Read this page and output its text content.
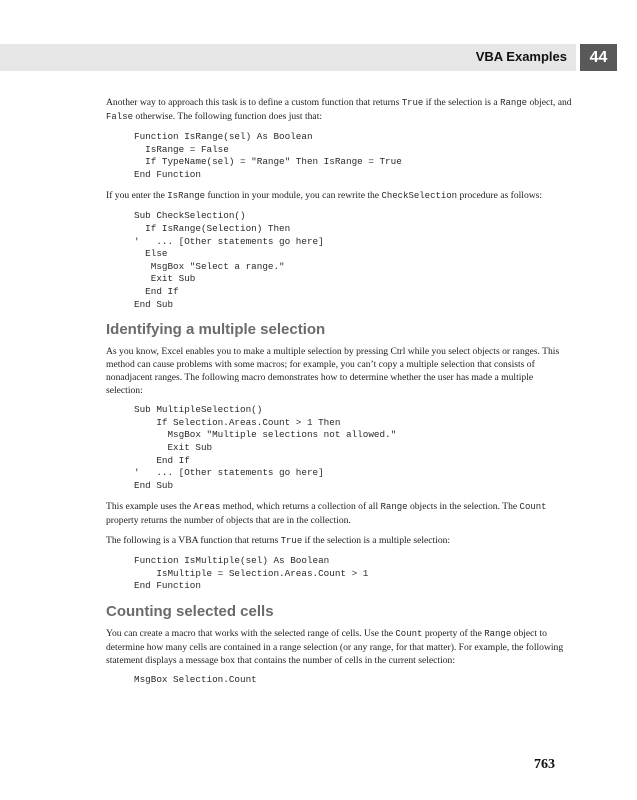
VBA Examples	44

Another way to approach this task is to define a custom function that returns True if the selection is a Range object, and False otherwise. The following function does just that:

Function IsRange(sel) As Boolean
IsRange = False
If TypeName(sel) = "Range" Then IsRange = True
End Function

If you enter the IsRange function in your module, you can rewrite the CheckSelection procedure as follows:

Sub CheckSelection()
If IsRange(Selection) Then
'   ... [Other statements go here]
Else
MsgBox "Select a range."
Exit Sub
End If
End Sub
Identifying a multiple selection

As you know, Excel enables you to make a multiple selection by pressing Ctrl while you select objects or ranges. This method can cause problems with some macros; for example, you can’t copy a multiple selection that consists of nonadjacent ranges. The following macro demonstrates how to determine whether the user has made a multiple selection:

Sub MultipleSelection()
If Selection.Areas.Count > 1 Then
MsgBox "Multiple selections not allowed."
Exit Sub
End If
'   ... [Other statements go here]
End Sub

This example uses the Areas method, which returns a collection of all Range objects in the selection. The Count property returns the number of objects that are in the collection.

The following is a VBA function that returns True if the selection is a multiple selection:

Function IsMultiple(sel) As Boolean
IsMultiple = Selection.Areas.Count > 1
End Function
Counting selected cells

You can create a macro that works with the selected range of cells. Use the Count property of the Range object to determine how many cells are contained in a range selection (or any range, for that matter). For example, the following statement displays a message box that contains the number of cells in the current selection:

MsgBox Selection.Count
763
